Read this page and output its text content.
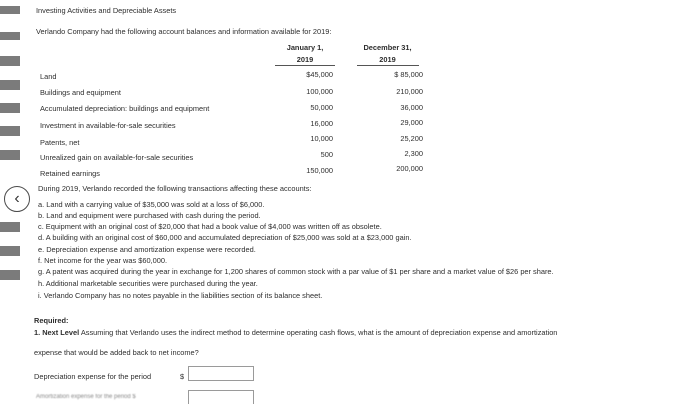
‹
Investing Activities and Depreciable Assets
Verlando Company had the following account balances and information available for 2019:
January 1,
2019
December 31,
2019
Land	$45,000	$ 85,000
Buildings and equipment	100,000	210,000
Accumulated depreciation: buildings and equipment	50,000	36,000
Investment in available-for-sale securities	16,000	29,000
Patents, net	10,000	25,200
Unrealized gain on available-for-sale securities	500	2,300
Retained earnings	150,000	200,000
During 2019, Verlando recorded the following transactions affecting these accounts:
a. Land with a carrying value of $35,000 was sold at a loss of $6,000.
b. Land and equipment were purchased with cash during the period.
c. Equipment with an original cost of $20,000 that had a book value of $4,000 was written off as obsolete.
d. A building with an original cost of $60,000 and accumulated depreciation of $25,000 was sold at a $23,000 gain.
e. Depreciation expense and amortization expense were recorded.
f. Net income for the year was $60,000.
g. A patent was acquired during the year in exchange for 1,200 shares of common stock with a par value of $1 per share and a market value of $26 per share.
h. Additional marketable securities were purchased during the year.
i. Verlando Company has no notes payable in the liabilities section of its balance sheet.
Required:
1. Next Level Assuming that Verlando uses the indirect method to determine operating cash flows, what is the amount of depreciation expense and amortization
expense that would be added back to net income?
Depreciation expense for the period	$
Amortization expense for the period $
